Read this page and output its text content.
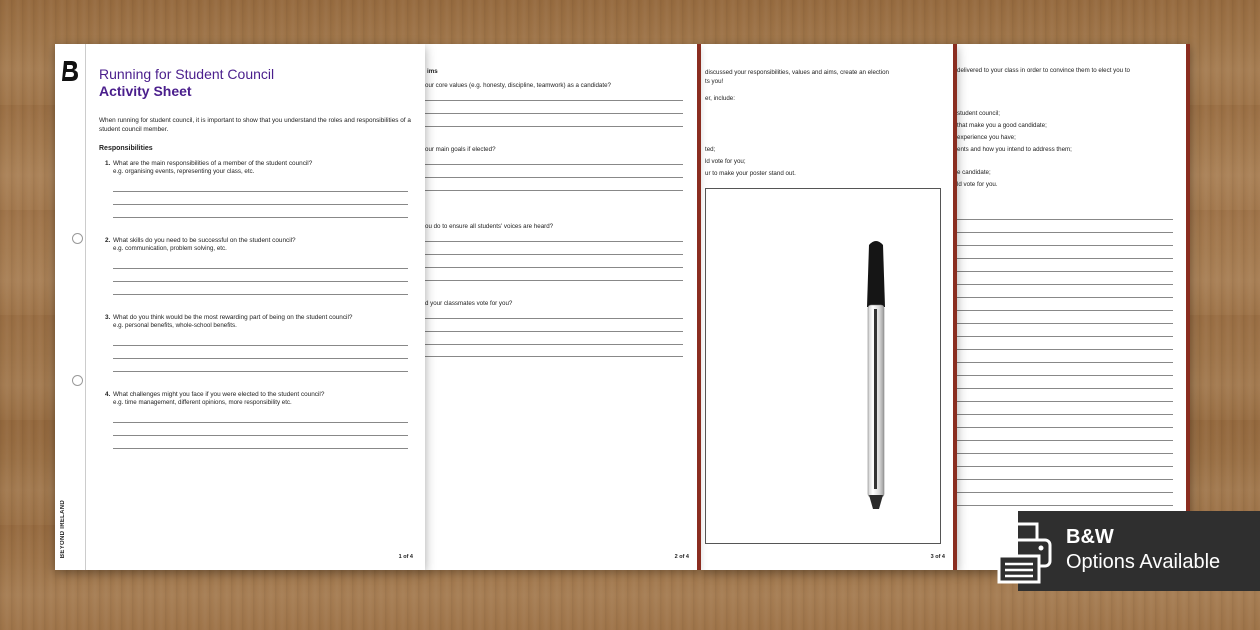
BEYOND IRELAND
Running for Student Council
Activity Sheet
When running for student council, it is important to show that you understand the roles and responsibilities of a student council member.
Responsibilities
1. What are the main responsibilities of a member of the student council?
e.g. organising events, representing your class, etc.
2. What skills do you need to be successful on the student council?
e.g. communication, problem solving, etc.
3. What do you think would be the most rewarding part of being on the student council?
e.g. personal benefits, whole-school benefits.
4. What challenges might you face if you were elected to the student council?
e.g. time management, different opinions, more responsibility etc.
1 of 4
ims
our core values (e.g. honesty, discipline, teamwork) as a candidate?
our main goals if elected?
ou do to ensure all students' voices are heard?
d your classmates vote for you?
2 of 4
discussed your responsibilities, values and aims, create an election
ts you!
er, include:
ted;
ld vote for you;
ur to make your poster stand out.
3 of 4
delivered to your class in order to convince them to elect you to
student council;
that make you a good candidate;
experience you have;
ents and how you intend to address them;
e candidate;
ld vote for you.
B&W
Options Available
